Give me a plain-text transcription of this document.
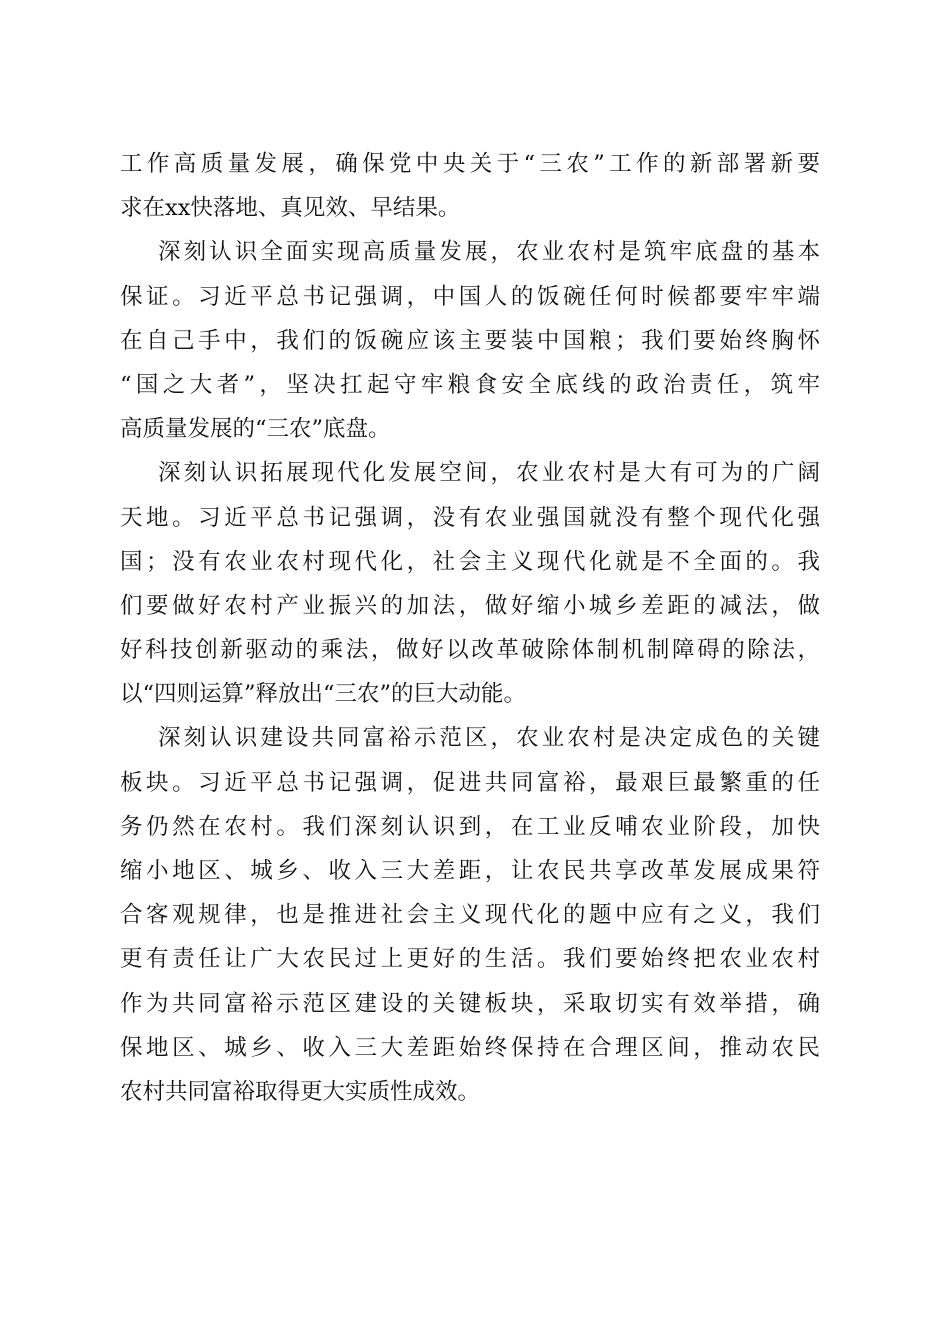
工作高质量发展，确保党中央关于“三农”工作的新部署新要
求在xx快落地、真见效、早结果。
深刻认识全面实现高质量发展，农业农村是筑牢底盘的基本
保证。习近平总书记强调，中国人的饭碗任何时候都要牢牢端
在自己手中，我们的饭碗应该主要装中国粮；我们要始终胸怀
“国之大者”，坚决扛起守牢粮食安全底线的政治责任，筑牢
高质量发展的“三农”底盘。
深刻认识拓展现代化发展空间，农业农村是大有可为的广阔
天地。习近平总书记强调，没有农业强国就没有整个现代化强
国；没有农业农村现代化，社会主义现代化就是不全面的。我
们要做好农村产业振兴的加法，做好缩小城乡差距的减法，做
好科技创新驱动的乘法，做好以改革破除体制机制障碍的除法，
以“四则运算”释放出“三农”的巨大动能。
深刻认识建设共同富裕示范区，农业农村是决定成色的关键
板块。习近平总书记强调，促进共同富裕，最艰巨最繁重的任
务仍然在农村。我们深刻认识到，在工业反哺农业阶段，加快
缩小地区、城乡、收入三大差距，让农民共享改革发展成果符
合客观规律，也是推进社会主义现代化的题中应有之义，我们
更有责任让广大农民过上更好的生活。我们要始终把农业农村
作为共同富裕示范区建设的关键板块，采取切实有效举措，确
保地区、城乡、收入三大差距始终保持在合理区间，推动农民
农村共同富裕取得更大实质性成效。
